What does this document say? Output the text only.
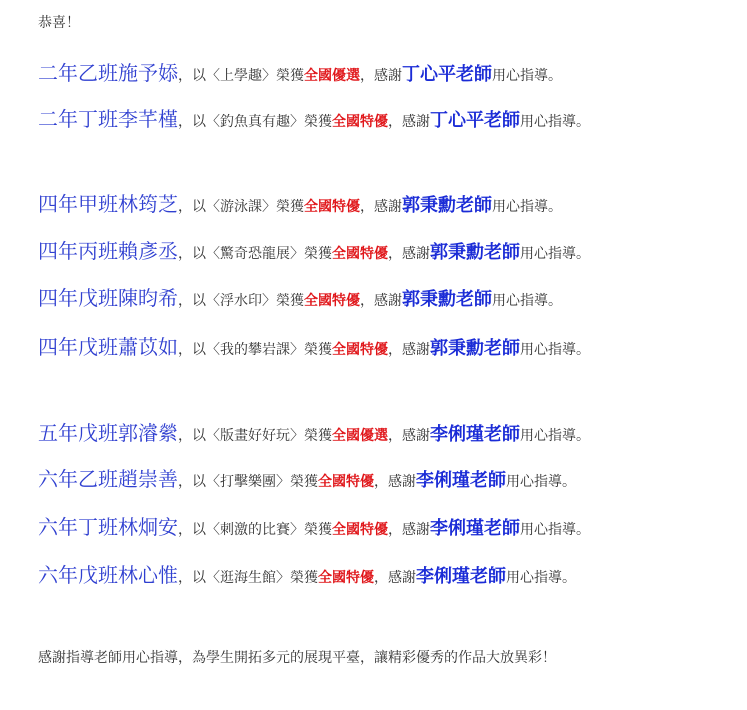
恭喜！
二年乙班施予婖，以〈上學趣〉榮獲全國優選，感謝丁心平老師用心指導。
二年丁班李芊槿，以〈釣魚真有趣〉榮獲全國特優，感謝丁心平老師用心指導。
四年甲班林筠芝，以〈游泳課〉榮獲全國特優，感謝郭秉勳老師用心指導。
四年丙班賴彥丞，以〈驚奇恐龍展〉榮獲全國特優，感謝郭秉勳老師用心指導。
四年戊班陳昀希，以〈浮水印〉榮獲全國特優，感謝郭秉勳老師用心指導。
四年戊班蕭苡如，以〈我的攀岩課〉榮獲全國特優，感謝郭秉勳老師用心指導。
五年戊班郭濬縈，以〈版畫好好玩〉榮獲全國優選，感謝李俐瑾老師用心指導。
六年乙班趙崇善，以〈打擊樂團〉榮獲全國特優，感謝李俐瑾老師用心指導。
六年丁班林炯安，以〈刺激的比賽〉榮獲全國特優，感謝李俐瑾老師用心指導。
六年戊班林心惟，以〈逛海生館〉榮獲全國特優，感謝李俐瑾老師用心指導。
感謝指導老師用心指導，為學生開拓多元的展現平臺，讓精彩優秀的作品大放異彩！
